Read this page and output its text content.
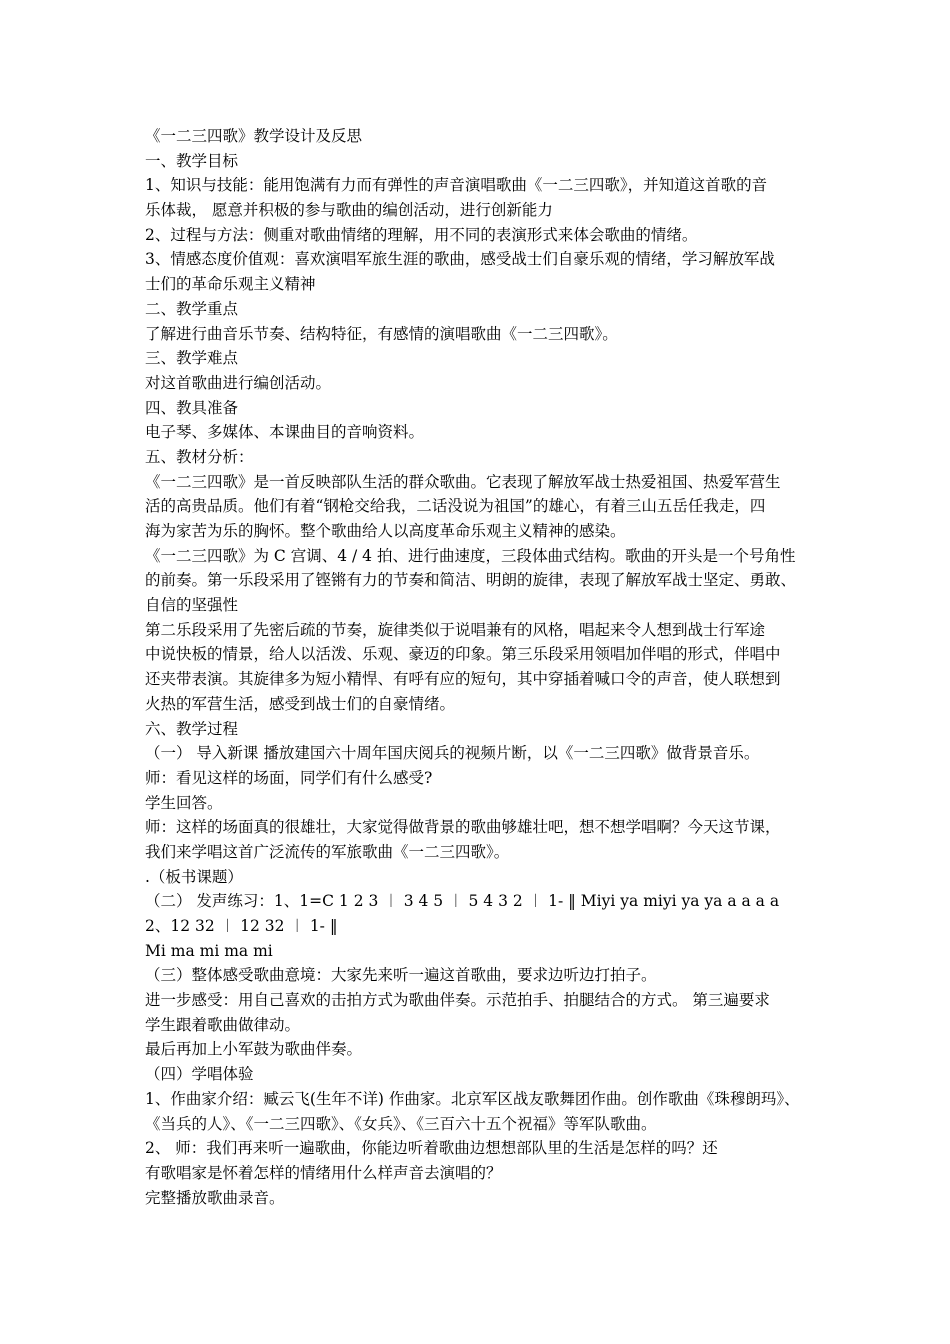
《一二三四歌》教学设计及反思
一、教学目标
1、知识与技能：能用饱满有力而有弹性的声音演唱歌曲《一二三四歌》，并知道这首歌的音
乐体裁， 愿意并积极的参与歌曲的编创活动，进行创新能力
2、过程与方法：侧重对歌曲情绪的理解，用不同的表演形式来体会歌曲的情绪。
3、情感态度价值观：喜欢演唱军旅生涯的歌曲，感受战士们自豪乐观的情绪，学习解放军战
士们的革命乐观主义精神
二、教学重点
了解进行曲音乐节奏、结构特征，有感情的演唱歌曲《一二三四歌》。
三、教学难点
对这首歌曲进行编创活动。
四、教具准备
电子琴、多媒体、本课曲目的音响资料。
五、教材分析：
《一二三四歌》是一首反映部队生活的群众歌曲。它表现了解放军战士热爱祖国、热爱军营生
活的高贵品质。他们有着“钢枪交给我，二话没说为祖国”的雄心，有着三山五岳任我走，四
海为家苦为乐的胸怀。整个歌曲给人以高度革命乐观主义精神的感染。
《一二三四歌》为 C 宫调、4 / 4 拍、进行曲速度，三段体曲式结构。歌曲的开头是一个号角性
的前奏。第一乐段采用了铿锵有力的节奏和简洁、明朗的旋律，表现了解放军战士坚定、勇敢、
自信的坚强性
第二乐段采用了先密后疏的节奏，旋律类似于说唱兼有的风格，唱起来令人想到战士行军途
中说快板的情景，给人以活泼、乐观、豪迈的印象。第三乐段采用领唱加伴唱的形式，伴唱中
还夹带表演。其旋律多为短小精悍、有呼有应的短句，其中穿插着喊口令的声音，使人联想到
火热的军营生活，感受到战士们的自豪情绪。
六、教学过程
（一） 导入新课 播放建国六十周年国庆阅兵的视频片断，以《一二三四歌》做背景音乐。
师：看见这样的场面，同学们有什么感受?
学生回答。
师：这样的场面真的很雄壮，大家觉得做背景的歌曲够雄壮吧，想不想学唱啊？今天这节课，
我们来学唱这首广泛流传的军旅歌曲《一二三四歌》。
.（板书课题）
（二） 发声练习：1、1=C 1 2 3 ︱ 3 4 5 ︱ 5 4 3 2 ︱ 1- ‖ Miyi ya miyi ya ya a a a a
2、12 32 ︱ 12 32 ︱ 1- ‖
Mi ma mi ma mi
（三）整体感受歌曲意境：大家先来听一遍这首歌曲，要求边听边打拍子。
进一步感受：用自己喜欢的击拍方式为歌曲伴奏。示范拍手、拍腿结合的方式。 第三遍要求
学生跟着歌曲做律动。
最后再加上小军鼓为歌曲伴奏。
（四）学唱体验
1、作曲家介绍：臧云飞(生年不详) 作曲家。北京军区战友歌舞团作曲。创作歌曲《珠穆朗玛》、
《当兵的人》、《一二三四歌》、《女兵》、《三百六十五个祝福》等军队歌曲。
2、 师：我们再来听一遍歌曲，你能边听着歌曲边想想部队里的生活是怎样的吗？还
有歌唱家是怀着怎样的情绪用什么样声音去演唱的？
完整播放歌曲录音。
